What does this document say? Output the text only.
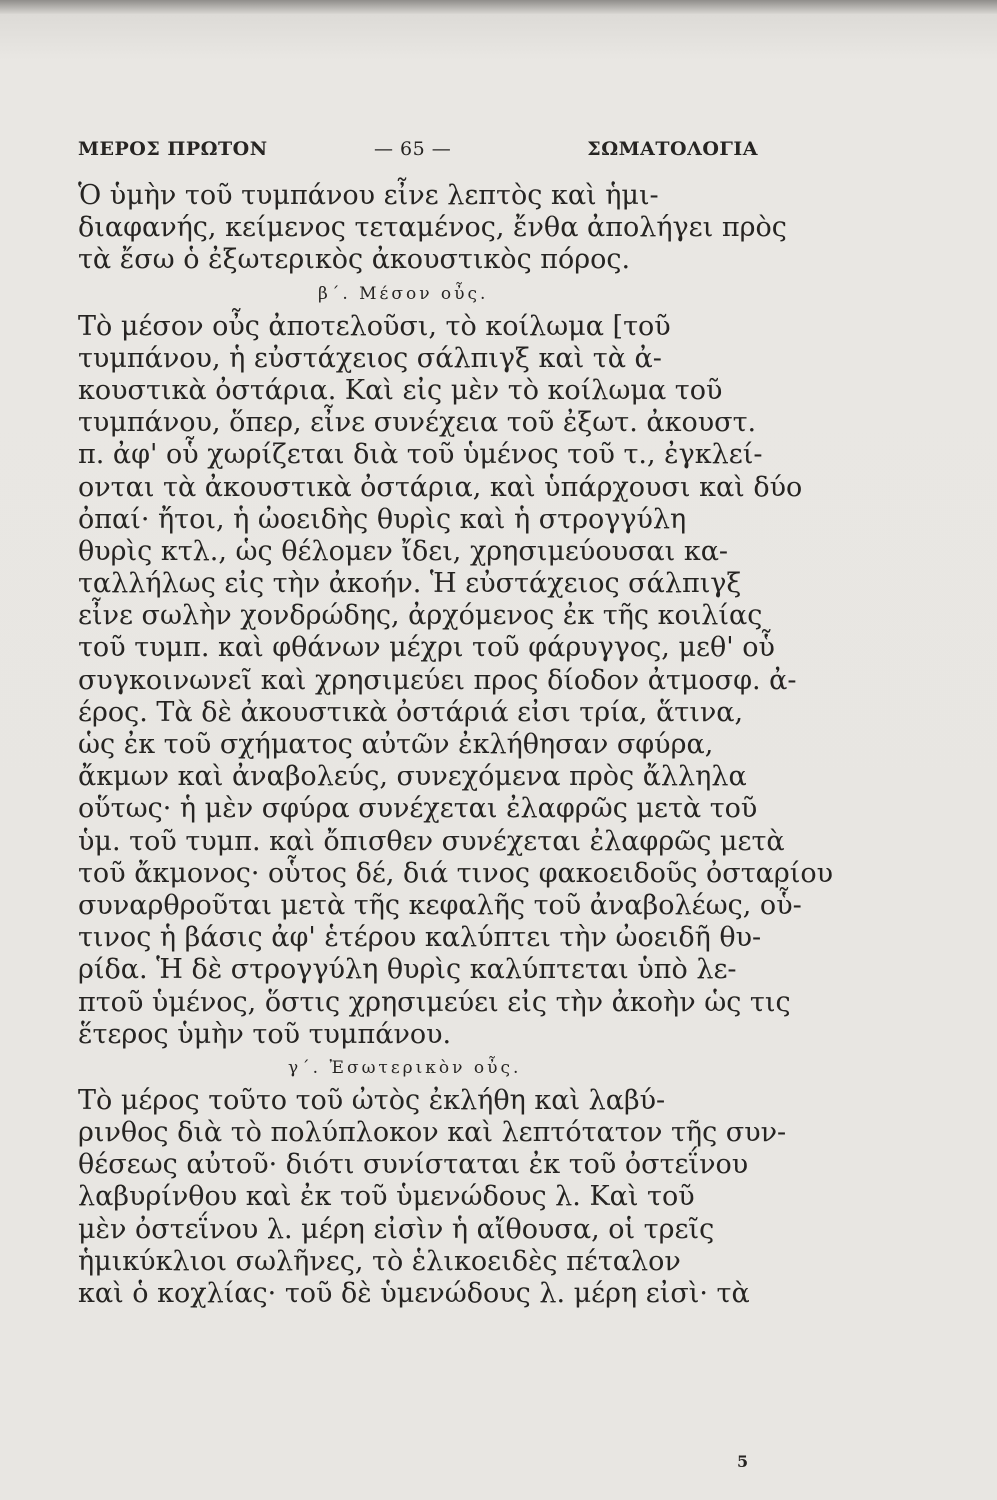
ΜΕΡΟΣ ΠΡΩΤΟΝ	— 65 —	ΣΩΜΑΤΟΛΟΓΙΑ
Ὁ ὑμὴν τοῦ τυμπάνου εἶνε λεπτὸς καὶ ἡμι-
διαφανής, κείμενος τεταμένος, ἔνθα ἀπολήγει πρὸς
τὰ ἔσω ὁ ἐξωτερικὸς ἀκουστικὸς πόρος.
β΄. Μέσον οὖς.
Τὸ μέσον οὖς ἀποτελοῦσι, τὸ κοίλωμα [τοῦ
τυμπάνου, ἡ εὐστάχειος σάλπιγξ καὶ τὰ ἀ-
κουστικὰ ὀστάρια. Καὶ εἰς μὲν τὸ κοίλωμα τοῦ
τυμπάνου, ὅπερ, εἶνε συνέχεια τοῦ ἐξωτ. ἀκουστ.
π. ἀφ' οὗ χωρίζεται διὰ τοῦ ὑμένος τοῦ τ., ἐγκλεί-
ονται τὰ ἀκουστικὰ ὀστάρια, καὶ ὑπάρχουσι καὶ δύο
ὀπαί· ἤτοι, ἡ ὠοειδὴς θυρὶς καὶ ἡ στρογγύλη
θυρὶς κτλ., ὡς θέλομεν ἴδει, χρησιμεύουσαι κα-
ταλλήλως εἰς τὴν ἀκοήν. Ἡ εὐστάχειος σάλπιγξ
εἶνε σωλὴν χονδρώδης, ἀρχόμενος ἐκ τῆς κοιλίας
τοῦ τυμπ. καὶ φθάνων μέχρι τοῦ φάρυγγος, μεθ' οὗ
συγκοινωνεῖ καὶ χρησιμεύει προς δίοδον ἀτμοσφ. ἀ-
έρος. Τὰ δὲ ἀκουστικὰ ὀστάριά εἰσι τρία, ἅτινα,
ὡς ἐκ τοῦ σχήματος αὐτῶν ἐκλήθησαν σφύρα,
ἄκμων καὶ ἀναβολεύς, συνεχόμενα πρὸς ἄλληλα
οὕτως· ἡ μὲν σφύρα συνέχεται ἐλαφρῶς μετὰ τοῦ
ὑμ. τοῦ τυμπ. καὶ ὄπισθεν συνέχεται ἐλαφρῶς μετὰ
τοῦ ἄκμονος· οὗτος δέ, διά τινος φακοειδοῦς ὀσταρίου
συναρθροῦται μετὰ τῆς κεφαλῆς τοῦ ἀναβολέως, οὗ-
τινος ἡ βάσις ἀφ' ἑτέρου καλύπτει τὴν ὠοειδῆ θυ-
ρίδα. Ἡ δὲ στρογγύλη θυρὶς καλύπτεται ὑπὸ λε-
πτοῦ ὑμένος, ὅστις χρησιμεύει εἰς τὴν ἀκοὴν ὡς τις
ἕτερος ὑμὴν τοῦ τυμπάνου.
γ΄. Ἐσωτερικὸν οὖς.
Τὸ μέρος τοῦτο τοῦ ὠτὸς ἐκλήθη καὶ λαβύ-
ρινθος διὰ τὸ πολύπλοκον καὶ λεπτότατον τῆς συν-
θέσεως αὐτοῦ· διότι συνίσταται ἐκ τοῦ ὀστεΐνου
λαβυρίνθου καὶ ἐκ τοῦ ὑμενώδους λ. Καὶ τοῦ
μὲν ὀστεΐνου λ. μέρη εἰσὶν ἡ αἴθουσα, οἱ τρεῖς
ἡμικύκλιοι σωλῆνες, τὸ ἑλικοειδὲς πέταλον
καὶ ὁ κοχλίας· τοῦ δὲ ὑμενώδους λ. μέρη εἰσὶ· τὰ
5
